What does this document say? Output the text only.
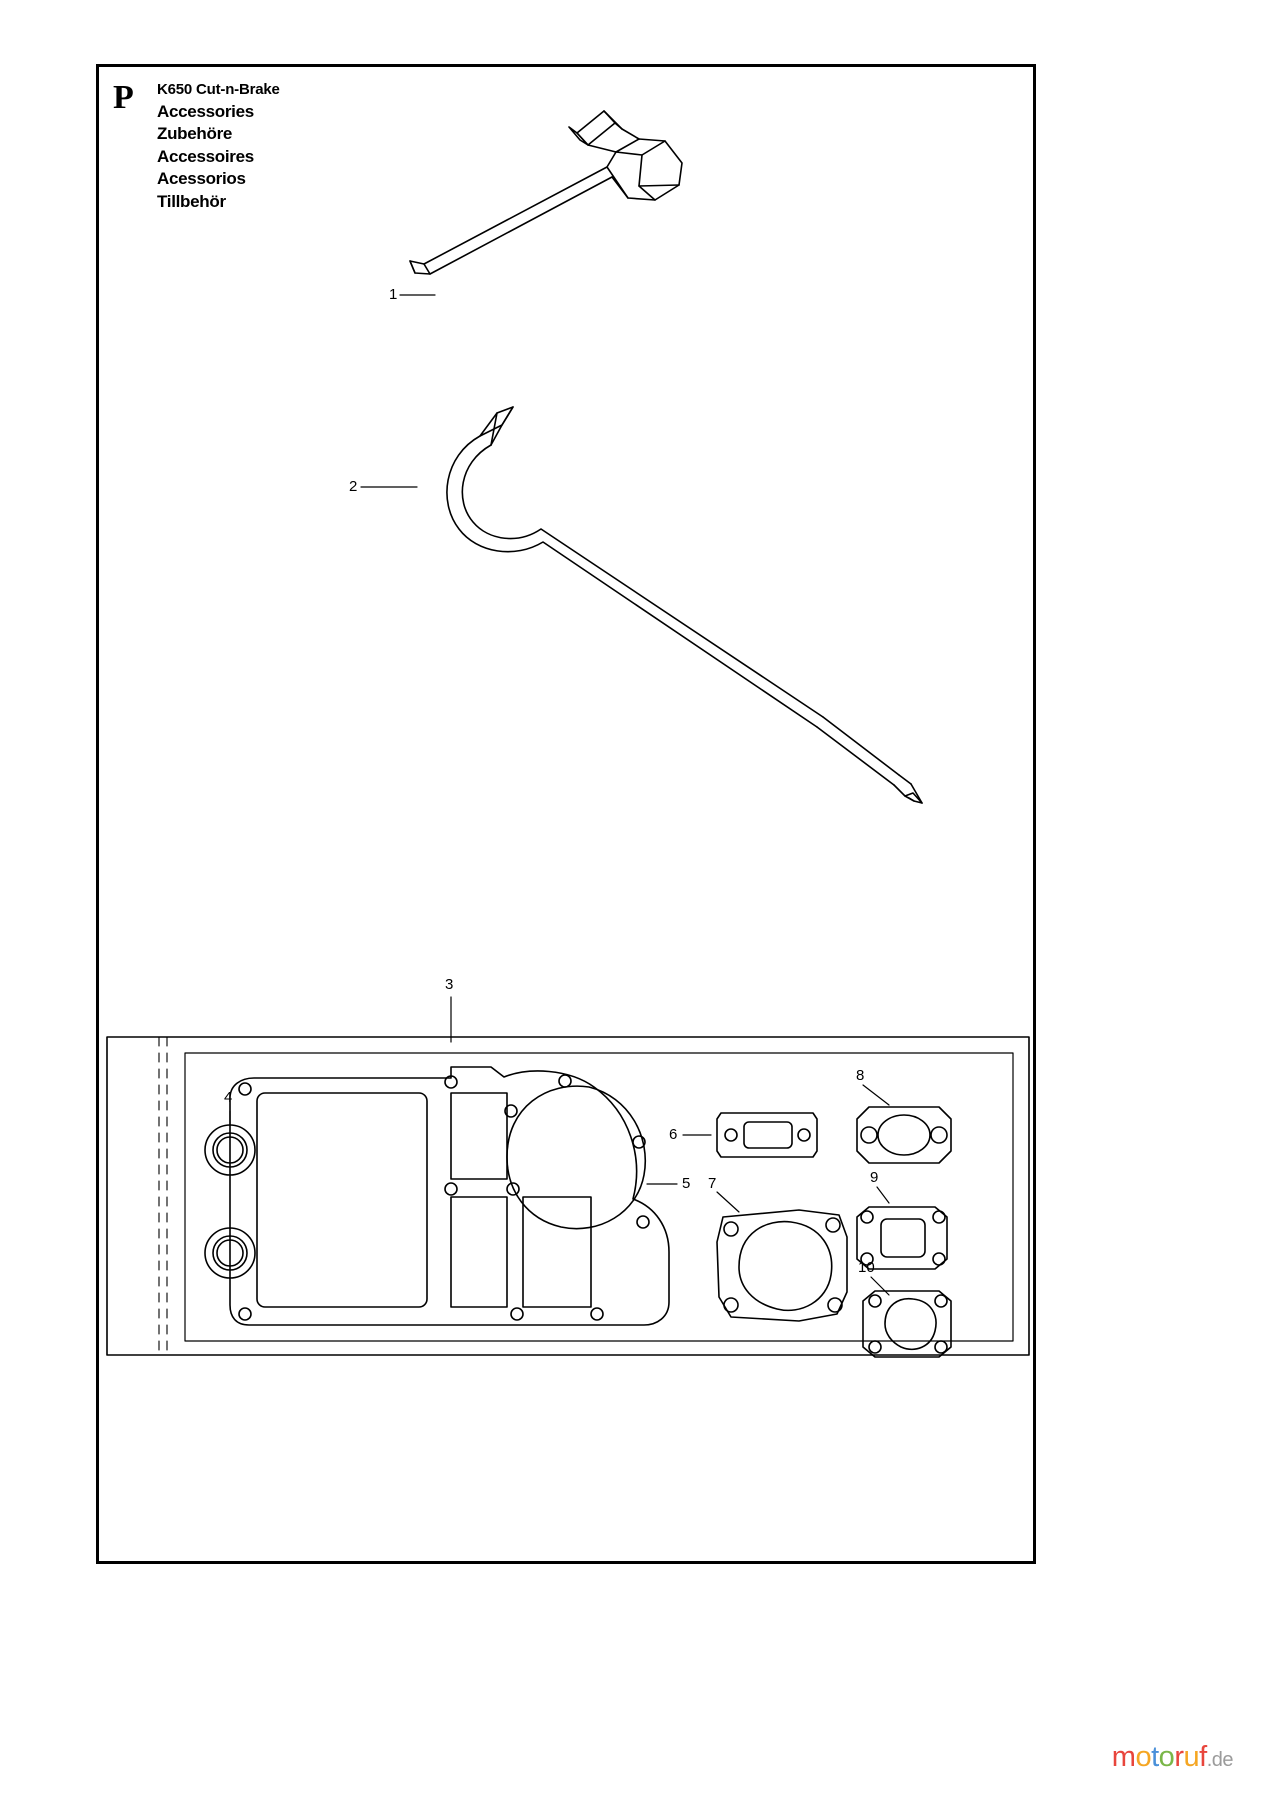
P K650 Cut-n-Brake
Accessories
Zubehöre
Accessoires
Acessorios
Tillbehör
1
2
3
4
5
6
7
8
9
10
motoruf.de
